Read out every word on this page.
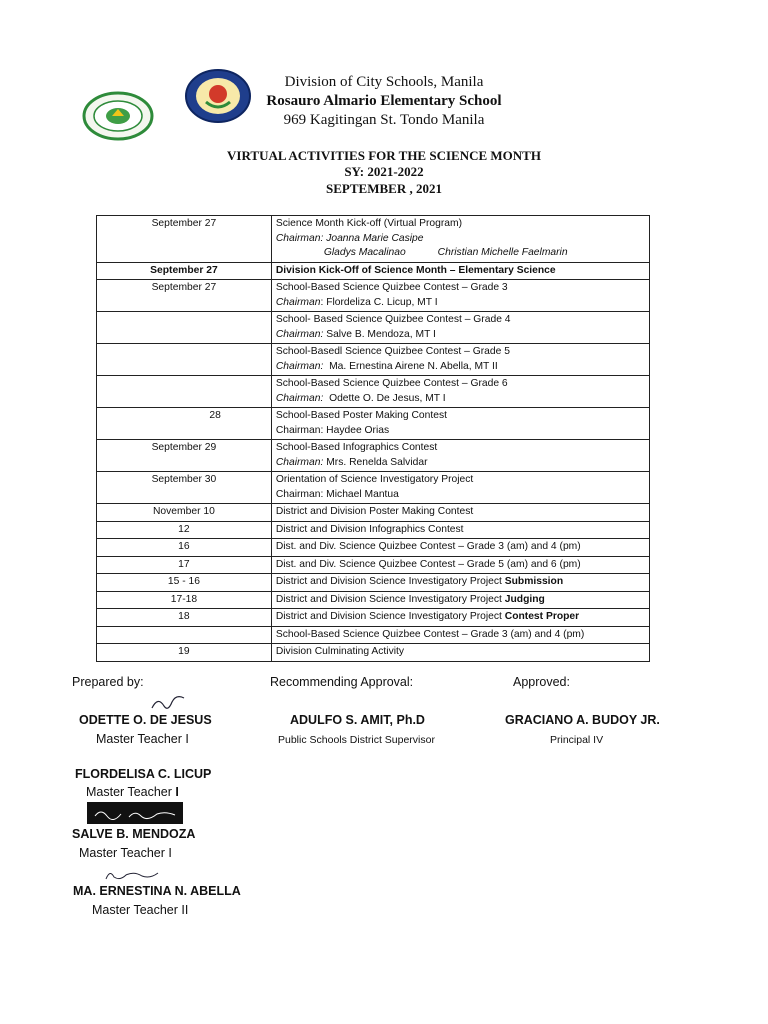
Division of City Schools, Manila
Rosauro Almario Elementary School
969 Kagitingan St. Tondo Manila
VIRTUAL ACTIVITIES FOR THE SCIENCE MONTH
SY: 2021-2022
SEPTEMBER , 2021
September 27	Science Month Kick-off (Virtual Program)
Chairman: Joanna Marie Casipe
Gladys Macalinao Christian Michelle Faelmarin

September 27	Division Kick-Off of Science Month – Elementary Science
September 27	School-Based Science Quizbee Contest – Grade 3
Chairman: Flordeliza C. Licup, MT I

	School- Based Science Quizbee Contest – Grade 4
Chairman: Salve B. Mendoza, MT I

	School-Basedl Science Quizbee Contest – Grade 5
Chairman: Ma. Ernestina Airene N. Abella, MT II

	School-Based Science Quizbee Contest – Grade 6
Chairman: Odette O. De Jesus, MT I

28	School-Based Poster Making Contest
Chairman: Haydee Orias

September 29	School-Based Infographics Contest
Chairman: Mrs. Renelda Salvidar

September 30	Orientation of Science Investigatory Project
Chairman: Michael Mantua

November 10	District and Division Poster Making Contest
12	District and Division Infographics Contest
16	Dist. and Div. Science Quizbee Contest – Grade 3 (am) and 4 (pm)
17	Dist. and Div. Science Quizbee Contest – Grade 5 (am) and 6 (pm)
15 - 16	District and Division Science Investigatory Project Submission
17-18	District and Division Science Investigatory Project Judging
18	District and Division Science Investigatory Project Contest Proper
	School-Based Science Quizbee Contest – Grade 3 (am) and 4 (pm)
19	Division Culminating Activity
Prepared by:	Recommending Approval:	Approved:
ODETTE O. DE JESUS
Master Teacher I
ADULFO S. AMIT, Ph.D
Public Schools District Supervisor
GRACIANO A. BUDOY JR.
Principal IV
FLORDELISA C. LICUP
Master Teacher I
SALVE B. MENDOZA
Master Teacher I
MA. ERNESTINA N. ABELLA
Master Teacher II
